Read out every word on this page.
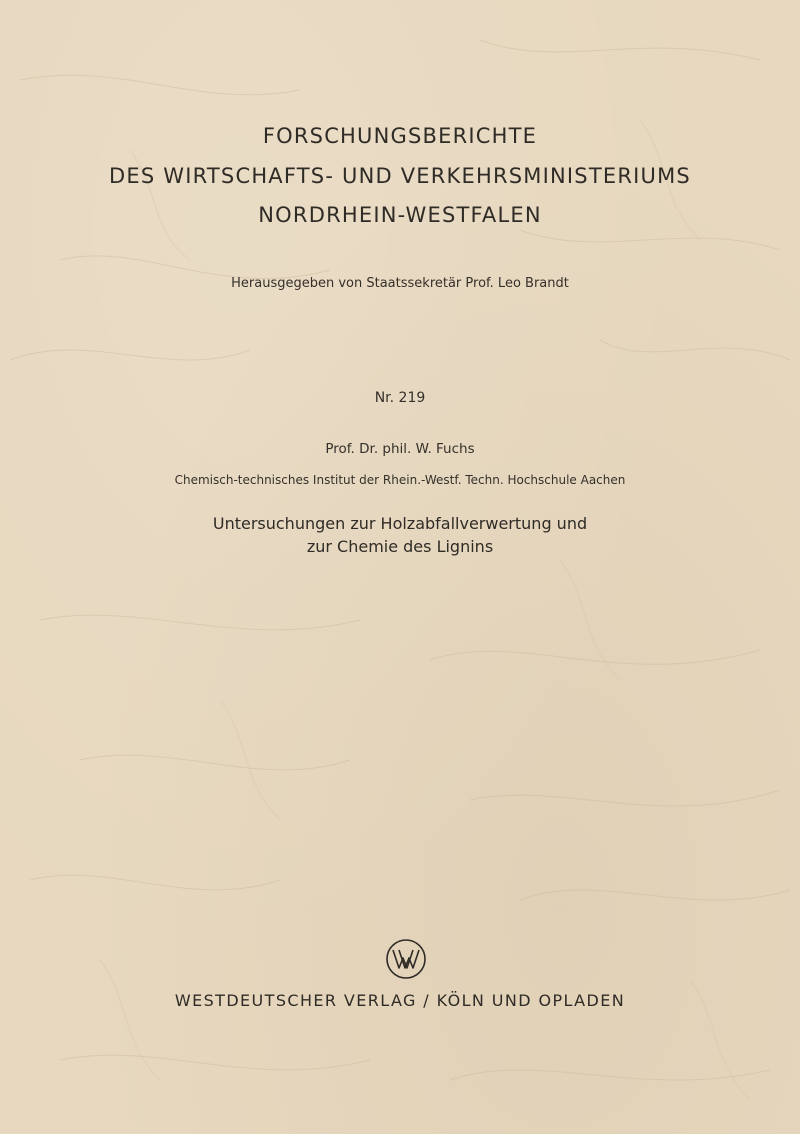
FORSCHUNGSBERICHTE
DES WIRTSCHAFTS- UND VERKEHRSMINISTERIUMS
NORDRHEIN-WESTFALEN
Herausgegeben von Staatssekretär Prof. Leo Brandt
Nr. 219
Prof. Dr. phil. W. Fuchs
Chemisch-technisches Institut der Rhein.-Westf. Techn. Hochschule Aachen
Untersuchungen zur Holzabfallverwertung und
zur Chemie des Lignins
WESTDEUTSCHER VERLAG / KÖLN UND OPLADEN
